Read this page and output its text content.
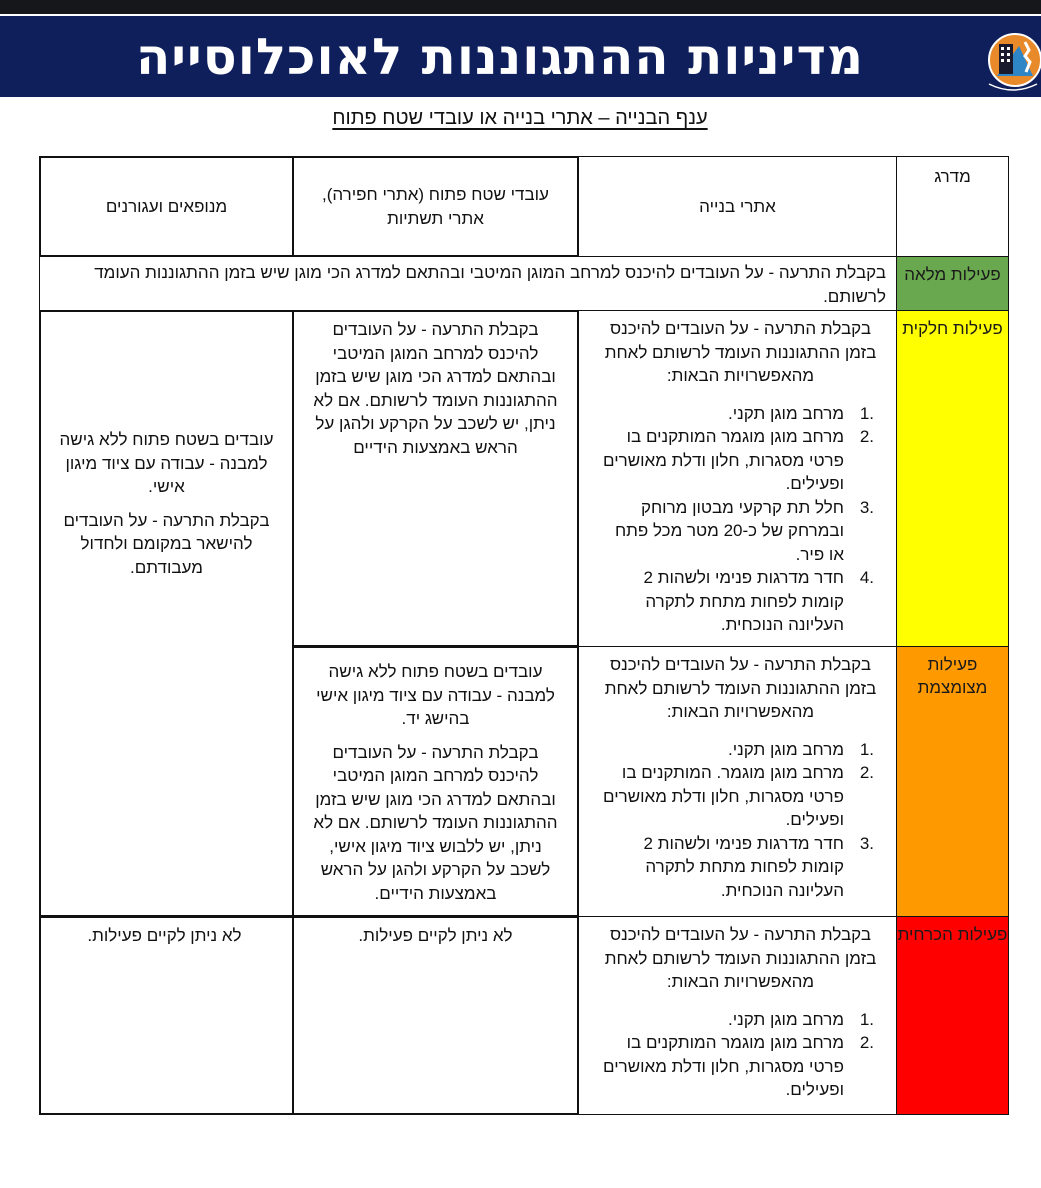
מדיניות ההתגוננות לאוכלוסייה
ענף הבנייה – אתרי בנייה או עובדי שטח פתוח
מדרג
אתרי בנייה
עובדי שטח פתוח (אתרי חפירה), אתרי תשתיות
מנופאים ועגורנים
פעילות מלאה
בקבלת התרעה - על העובדים להיכנס למרחב המוגן המיטבי ובהתאם למדרג הכי מוגן שיש בזמן ההתגוננות העומד לרשותם.
פעילות חלקית
בקבלת התרעה - על העובדים להיכנס בזמן ההתגוננות העומד לרשותם לאחת מהאפשרויות הבאות:
1.
מרחב מוגן תקני.
2.
מרחב מוגן מוגמר המותקנים בו פרטי מסגרות, חלון ודלת מאושרים ופעילים.
3.
חלל תת קרקעי מבטון מרוחק ובמרחק של כ-20 מטר מכל פתח או פיר.
4.
חדר מדרגות פנימי ולשהות 2 קומות לפחות מתחת לתקרה העליונה הנוכחית.
בקבלת התרעה - על העובדים להיכנס למרחב המוגן המיטבי ובהתאם למדרג הכי מוגן שיש בזמן ההתגוננות העומד לרשותם. אם לא ניתן, יש לשכב על הקרקע ולהגן על הראש באמצעות הידיים
עובדים בשטח פתוח ללא גישה למבנה - עבודה עם ציוד מיגון אישי.
בקבלת התרעה - על העובדים להישאר במקומם ולחדול מעבודתם.
פעילות מצומצמת
בקבלת התרעה - על העובדים להיכנס בזמן ההתגוננות העומד לרשותם לאחת מהאפשרויות הבאות:
1.
מרחב מוגן תקני.
2.
מרחב מוגן מוגמר. המותקנים בו פרטי מסגרות, חלון ודלת מאושרים ופעילים.
3.
חדר מדרגות פנימי ולשהות 2 קומות לפחות מתחת לתקרה העליונה הנוכחית.
עובדים בשטח פתוח ללא גישה למבנה - עבודה עם ציוד מיגון אישי בהישג יד.
בקבלת התרעה - על העובדים להיכנס למרחב המוגן המיטבי ובהתאם למדרג הכי מוגן שיש בזמן ההתגוננות העומד לרשותם. אם לא ניתן, יש ללבוש ציוד מיגון אישי, לשכב על הקרקע ולהגן על הראש באמצעות הידיים.
פעילות הכרחית
בקבלת התרעה - על העובדים להיכנס בזמן ההתגוננות העומד לרשותם לאחת מהאפשרויות הבאות:
1.
מרחב מוגן תקני.
2.
מרחב מוגן מוגמר המותקנים בו פרטי מסגרות, חלון ודלת מאושרים ופעילים.
לא ניתן לקיים פעילות.
לא ניתן לקיים פעילות.
